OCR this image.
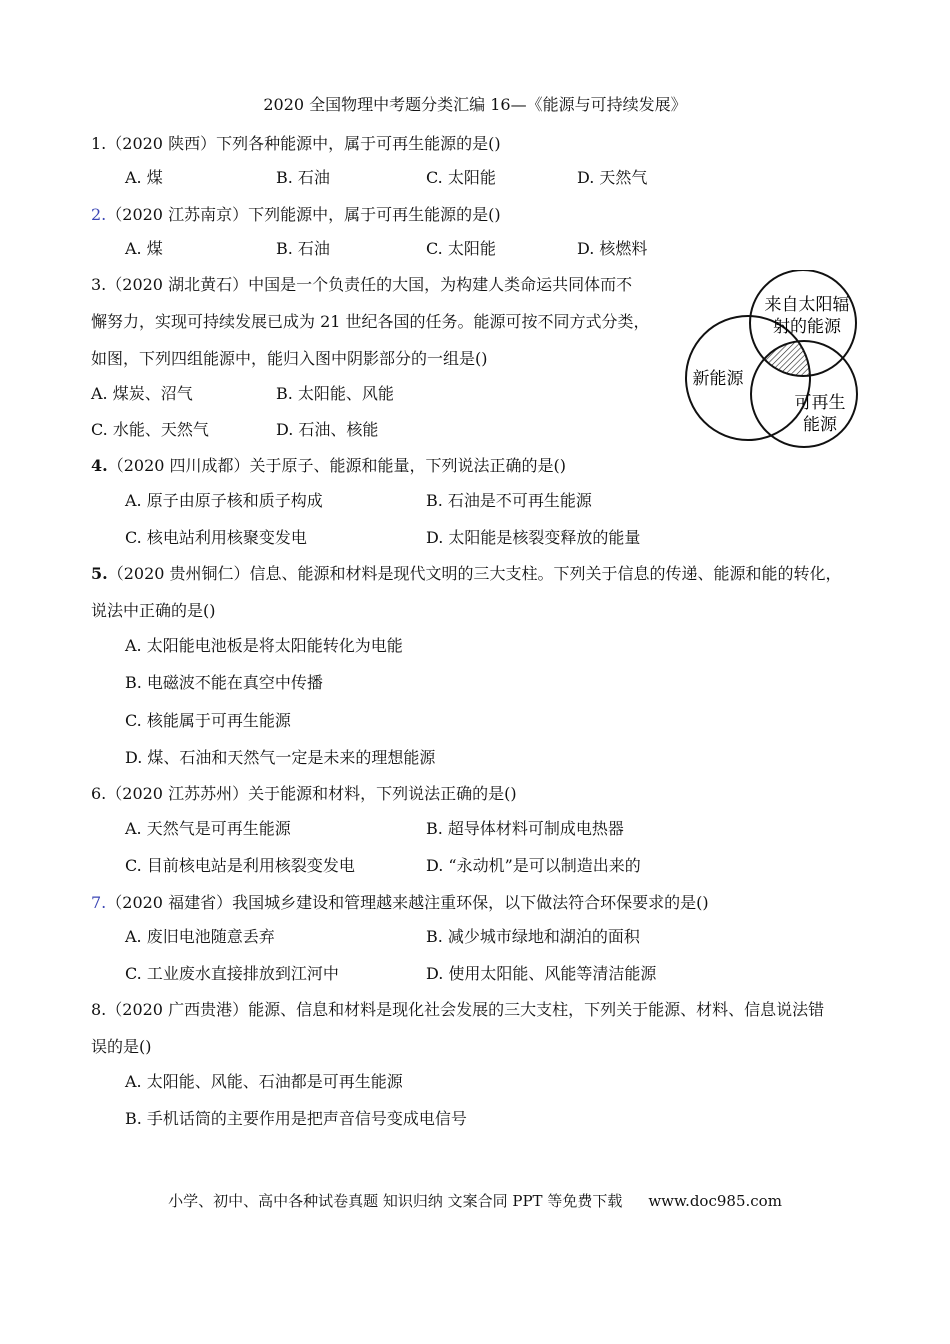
2020 全国物理中考题分类汇编 16—《能源与可持续发展》
1.（2020 陕西）下列各种能源中，属于可再生能源的是()
A. 煤	B. 石油	C. 太阳能	D. 天然气
2.（2020 江苏南京）下列能源中，属于可再生能源的是()
A. 煤	B. 石油	C. 太阳能	D. 核燃料
3.（2020 湖北黄石）中国是一个负责任的大国，为构建人类命运共同体而不
懈努力，实现可持续发展已成为 21 世纪各国的任务。能源可按不同方式分类，
如图，下列四组能源中，能归入图中阴影部分的一组是()
A. 煤炭、沼气	B. 太阳能、风能
C. 水能、天然气	D. 石油、核能
来自太阳辐
射的能源
新能源
可再生
能源
4.（2020 四川成都）关于原子、能源和能量，下列说法正确的是()
A. 原子由原子核和质子构成	B. 石油是不可再生能源
C. 核电站利用核聚变发电	D. 太阳能是核裂变释放的能量
5.（2020 贵州铜仁）信息、能源和材料是现代文明的三大支柱。下列关于信息的传递、能源和能的转化，
说法中正确的是()
A. 太阳能电池板是将太阳能转化为电能
B. 电磁波不能在真空中传播
C. 核能属于可再生能源
D. 煤、石油和天然气一定是未来的理想能源
6.（2020 江苏苏州）关于能源和材料，下列说法正确的是()
A. 天然气是可再生能源	B. 超导体材料可制成电热器
C. 目前核电站是利用核裂变发电	D. “永动机”是可以制造出来的
7.（2020 福建省）我国城乡建设和管理越来越注重环保，以下做法符合环保要求的是()
A. 废旧电池随意丢弃	B. 减少城市绿地和湖泊的面积
C. 工业废水直接排放到江河中	D. 使用太阳能、风能等清洁能源
8.（2020 广西贵港）能源、信息和材料是现化社会发展的三大支柱，下列关于能源、材料、信息说法错
误的是()
A. 太阳能、风能、石油都是可再生能源
B. 手机话筒的主要作用是把声音信号变成电信号
小学、初中、高中各种试卷真题 知识归纳 文案合同 PPT 等免费下载 www.doc985.com
